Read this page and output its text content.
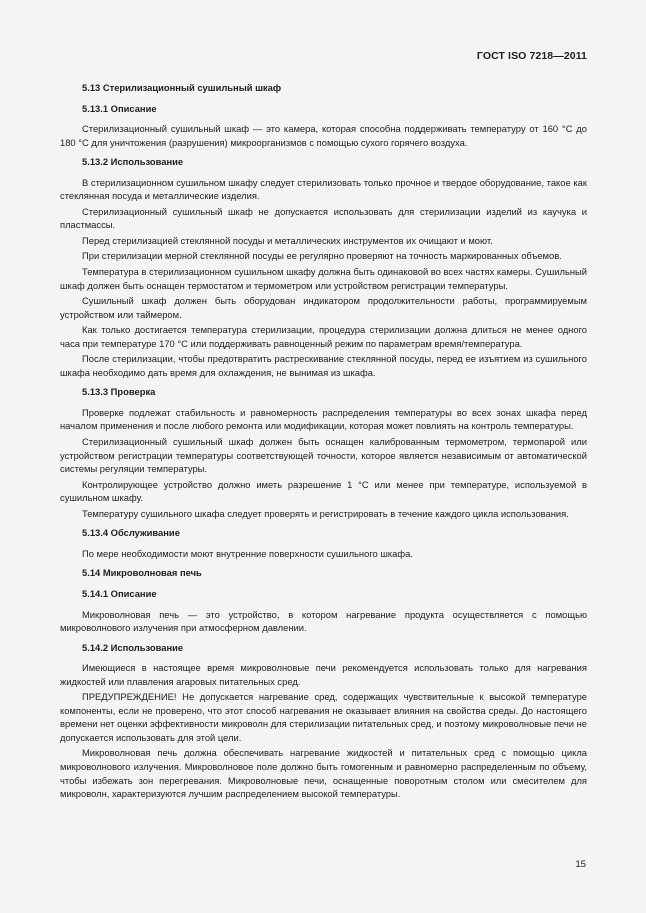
ГОСТ ISO 7218—2011
5.13 Стерилизационный сушильный шкаф
5.13.1 Описание
Стерилизационный сушильный шкаф — это камера, которая способна поддерживать температуру от 160 °С до 180 °С для уничтожения (разрушения) микроорганизмов с помощью сухого горячего воздуха.
5.13.2 Использование
В стерилизационном сушильном шкафу следует стерилизовать только прочное и твердое оборудование, такое как стеклянная посуда и металлические изделия.
Стерилизационный сушильный шкаф не допускается использовать для стерилизации изделий из каучука и пластмассы.
Перед стерилизацией стеклянной посуды и металлических инструментов их очищают и моют.
При стерилизации мерной стеклянной посуды ее регулярно проверяют на точность маркированных объемов.
Температура в стерилизационном сушильном шкафу должна быть одинаковой во всех частях камеры. Сушильный шкаф должен быть оснащен термостатом и термометром или устройством регистрации температуры.
Сушильный шкаф должен быть оборудован индикатором продолжительности работы, программируемым устройством или таймером.
Как только достигается температура стерилизации, процедура стерилизации должна длиться не менее одного часа при температуре 170 °С или поддерживать равноценный режим по параметрам время/температура.
После стерилизации, чтобы предотвратить растрескивание стеклянной посуды, перед ее изъятием из сушильного шкафа необходимо дать время для охлаждения, не вынимая из шкафа.
5.13.3 Проверка
Проверке подлежат стабильность и равномерность распределения температуры во всех зонах шкафа перед началом применения и после любого ремонта или модификации, которая может повлиять на контроль температуры.
Стерилизационный сушильный шкаф должен быть оснащен калиброванным термометром, термопарой или устройством регистрации температуры соответствующей точности, которое является независимым от автоматической системы регуляции температуры.
Контролирующее устройство должно иметь разрешение 1 °С или менее при температуре, используемой в сушильном шкафу.
Температуру сушильного шкафа следует проверять и регистрировать в течение каждого цикла использования.
5.13.4 Обслуживание
По мере необходимости моют внутренние поверхности сушильного шкафа.
5.14 Микроволновая печь
5.14.1 Описание
Микроволновая печь — это устройство, в котором нагревание продукта осуществляется с помощью микроволнового излучения при атмосферном давлении.
5.14.2 Использование
Имеющиеся в настоящее время микроволновые печи рекомендуется использовать только для нагревания жидкостей или плавления агаровых питательных сред.
ПРЕДУПРЕЖДЕНИЕ! Не допускается нагревание сред, содержащих чувствительные к высокой температуре компоненты, если не проверено, что этот способ нагревания не оказывает влияния на свойства среды. До настоящего времени нет оценки эффективности микроволн для стерилизации питательных сред, и поэтому микроволновые печи не допускается использовать для этой цели.
Микроволновая печь должна обеспечивать нагревание жидкостей и питательных сред с помощью цикла микроволнового излучения. Микроволновое поле должно быть гомогенным и равномерно распределенным по объему, чтобы избежать зон перегревания. Микроволновые печи, оснащенные поворотным столом или смесителем для микроволн, характеризуются лучшим распределением высокой температуры.
15
